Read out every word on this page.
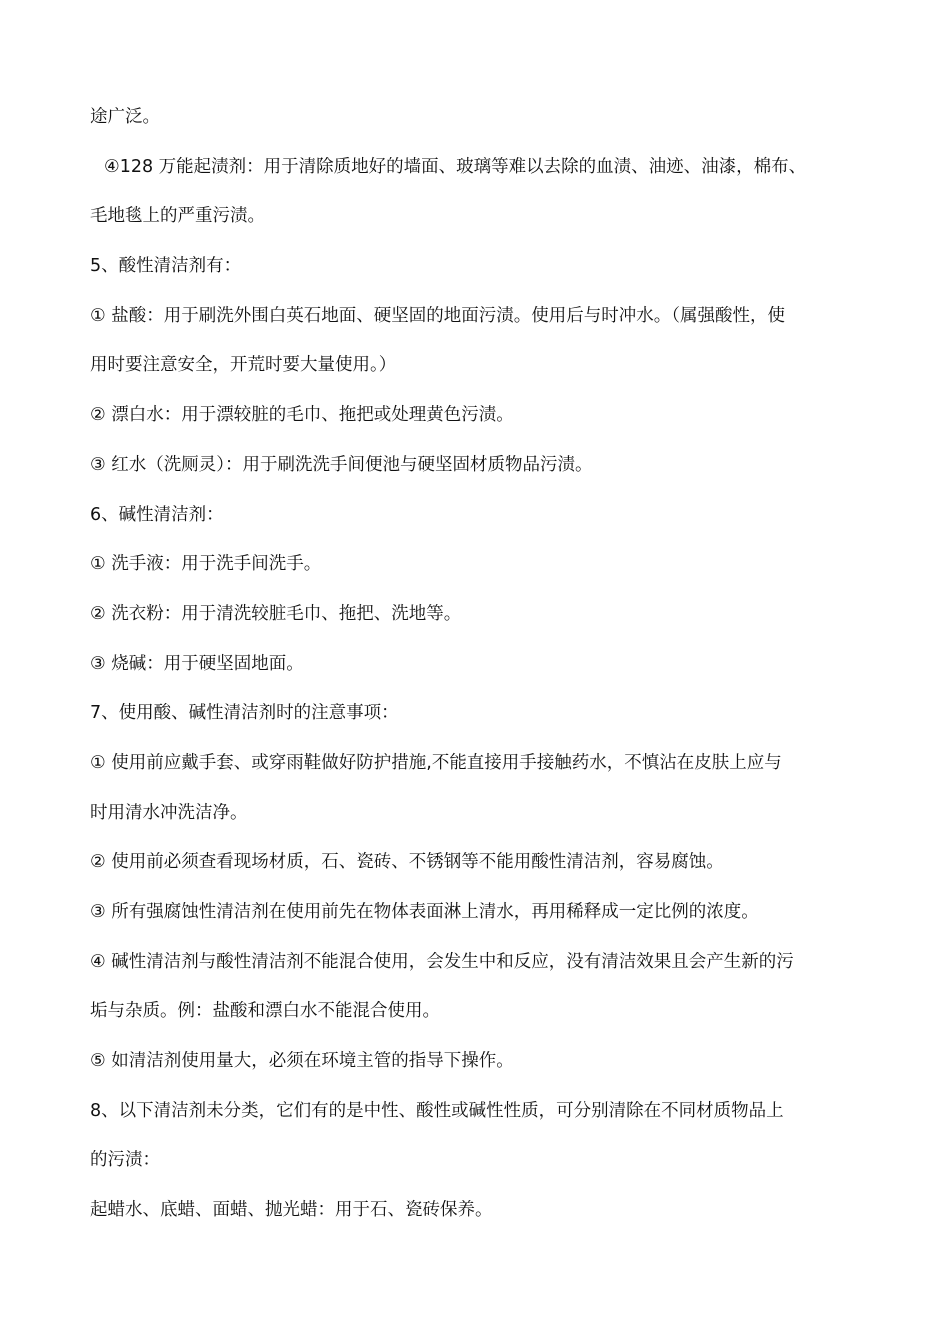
途广泛。
④128 万能起渍剂：用于清除质地好的墙面、玻璃等难以去除的血渍、油迹、油漆，棉布、
毛地毯上的严重污渍。
5、酸性清洁剂有：
① 盐酸：用于刷洗外围白英石地面、硬坚固的地面污渍。使用后与时冲水。（属强酸性，使
用时要注意安全，开荒时要大量使用。）
② 漂白水：用于漂较脏的毛巾、拖把或处理黄色污渍。
③ 红水（洗厕灵）：用于刷洗洗手间便池与硬坚固材质物品污渍。
6、碱性清洁剂：
① 洗手液：用于洗手间洗手。
② 洗衣粉：用于清洗较脏毛巾、拖把、洗地等。
③ 烧碱：用于硬坚固地面。
7、使用酸、碱性清洁剂时的注意事项：
① 使用前应戴手套、或穿雨鞋做好防护措施,不能直接用手接触药水，不慎沾在皮肤上应与
时用清水冲洗洁净。
② 使用前必须查看现场材质，石、瓷砖、不锈钢等不能用酸性清洁剂，容易腐蚀。
③ 所有强腐蚀性清洁剂在使用前先在物体表面淋上清水，再用稀释成一定比例的浓度。
④ 碱性清洁剂与酸性清洁剂不能混合使用，会发生中和反应，没有清洁效果且会产生新的污
垢与杂质。例：盐酸和漂白水不能混合使用。
⑤ 如清洁剂使用量大，必须在环境主管的指导下操作。
8、以下清洁剂未分类，它们有的是中性、酸性或碱性性质，可分别清除在不同材质物品上
的污渍：
起蜡水、底蜡、面蜡、抛光蜡：用于石、瓷砖保养。
